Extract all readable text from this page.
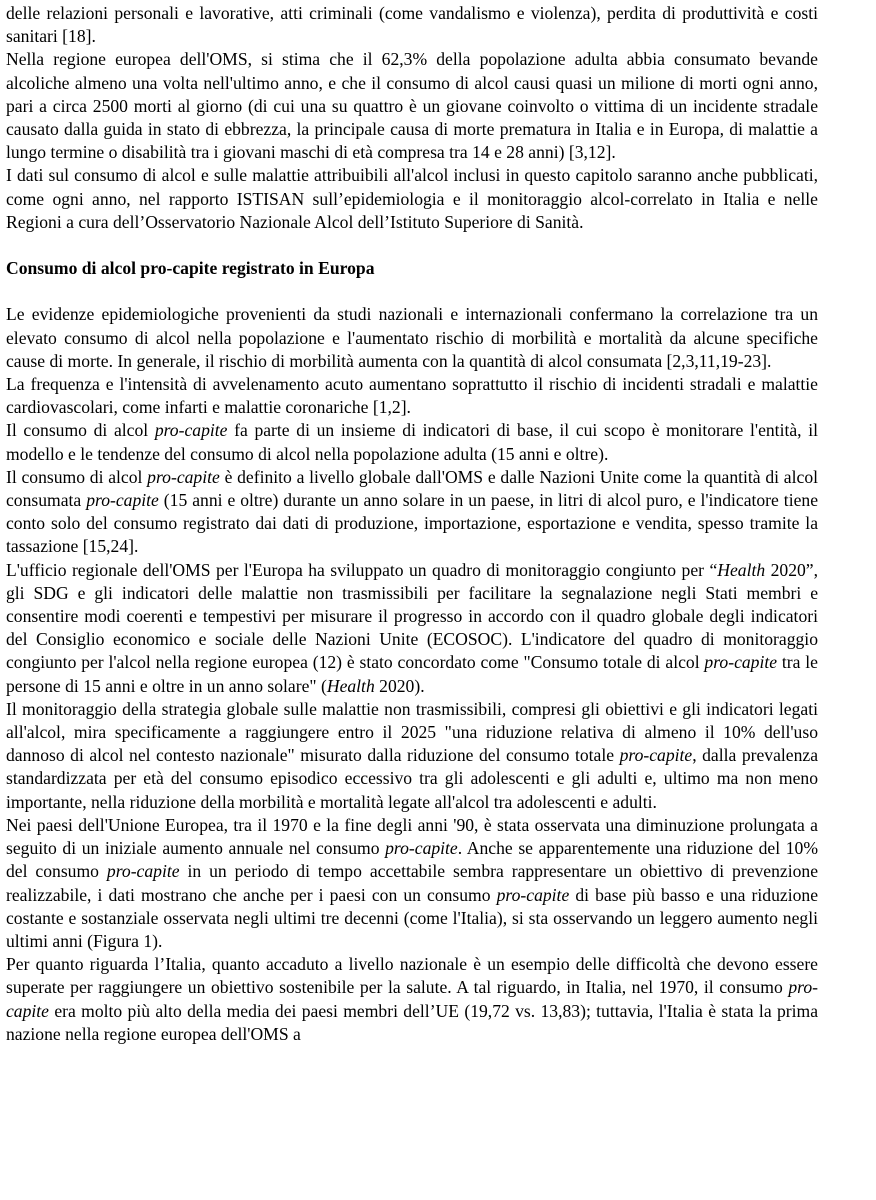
delle relazioni personali e lavorative, atti criminali (come vandalismo e violenza), perdita di produttività e costi sanitari [18].

Nella regione europea dell'OMS, si stima che il 62,3% della popolazione adulta abbia consumato bevande alcoliche almeno una volta nell'ultimo anno, e che il consumo di alcol causi quasi un milione di morti ogni anno, pari a circa 2500 morti al giorno (di cui una su quattro è un giovane coinvolto o vittima di un incidente stradale causato dalla guida in stato di ebbrezza, la principale causa di morte prematura in Italia e in Europa, di malattie a lungo termine o disabilità tra i giovani maschi di età compresa tra 14 e 28 anni) [3,12].

I dati sul consumo di alcol e sulle malattie attribuibili all'alcol inclusi in questo capitolo saranno anche pubblicati, come ogni anno, nel rapporto ISTISAN sull’epidemiologia e il monitoraggio alcol-correlato in Italia e nelle Regioni a cura dell’Osservatorio Nazionale Alcol dell’Istituto Superiore di Sanità.

Consumo di alcol pro-capite registrato in Europa

Le evidenze epidemiologiche provenienti da studi nazionali e internazionali confermano la correlazione tra un elevato consumo di alcol nella popolazione e l'aumentato rischio di morbilità e mortalità da alcune specifiche cause di morte. In generale, il rischio di morbilità aumenta con la quantità di alcol consumata [2,3,11,19-23].

La frequenza e l'intensità di avvelenamento acuto aumentano soprattutto il rischio di incidenti stradali e malattie cardiovascolari, come infarti e malattie coronariche [1,2].

Il consumo di alcol pro-capite fa parte di un insieme di indicatori di base, il cui scopo è monitorare l'entità, il modello e le tendenze del consumo di alcol nella popolazione adulta (15 anni e oltre).

Il consumo di alcol pro-capite è definito a livello globale dall'OMS e dalle Nazioni Unite come la quantità di alcol consumata pro-capite (15 anni e oltre) durante un anno solare in un paese, in litri di alcol puro, e l'indicatore tiene conto solo del consumo registrato dai dati di produzione, importazione, esportazione e vendita, spesso tramite la tassazione [15,24].

L'ufficio regionale dell'OMS per l'Europa ha sviluppato un quadro di monitoraggio congiunto per “Health 2020”, gli SDG e gli indicatori delle malattie non trasmissibili per facilitare la segnalazione negli Stati membri e consentire modi coerenti e tempestivi per misurare il progresso in accordo con il quadro globale degli indicatori del Consiglio economico e sociale delle Nazioni Unite (ECOSOC). L'indicatore del quadro di monitoraggio congiunto per l'alcol nella regione europea (12) è stato concordato come "Consumo totale di alcol pro-capite tra le persone di 15 anni e oltre in un anno solare" (Health 2020).

Il monitoraggio della strategia globale sulle malattie non trasmissibili, compresi gli obiettivi e gli indicatori legati all'alcol, mira specificamente a raggiungere entro il 2025 "una riduzione relativa di almeno il 10% dell'uso dannoso di alcol nel contesto nazionale" misurato dalla riduzione del consumo totale pro-capite, dalla prevalenza standardizzata per età del consumo episodico eccessivo tra gli adolescenti e gli adulti e, ultimo ma non meno importante, nella riduzione della morbilità e mortalità legate all'alcol tra adolescenti e adulti.

Nei paesi dell'Unione Europea, tra il 1970 e la fine degli anni '90, è stata osservata una diminuzione prolungata a seguito di un iniziale aumento annuale nel consumo pro-capite. Anche se apparentemente una riduzione del 10% del consumo pro-capite in un periodo di tempo accettabile sembra rappresentare un obiettivo di prevenzione realizzabile, i dati mostrano che anche per i paesi con un consumo pro-capite di base più basso e una riduzione costante e sostanziale osservata negli ultimi tre decenni (come l'Italia), si sta osservando un leggero aumento negli ultimi anni (Figura 1).

Per quanto riguarda l’Italia, quanto accaduto a livello nazionale è un esempio delle difficoltà che devono essere superate per raggiungere un obiettivo sostenibile per la salute. A tal riguardo, in Italia, nel 1970, il consumo pro-capite era molto più alto della media dei paesi membri dell’UE (19,72 vs. 13,83); tuttavia, l'Italia è stata la prima nazione nella regione europea dell'OMS a
